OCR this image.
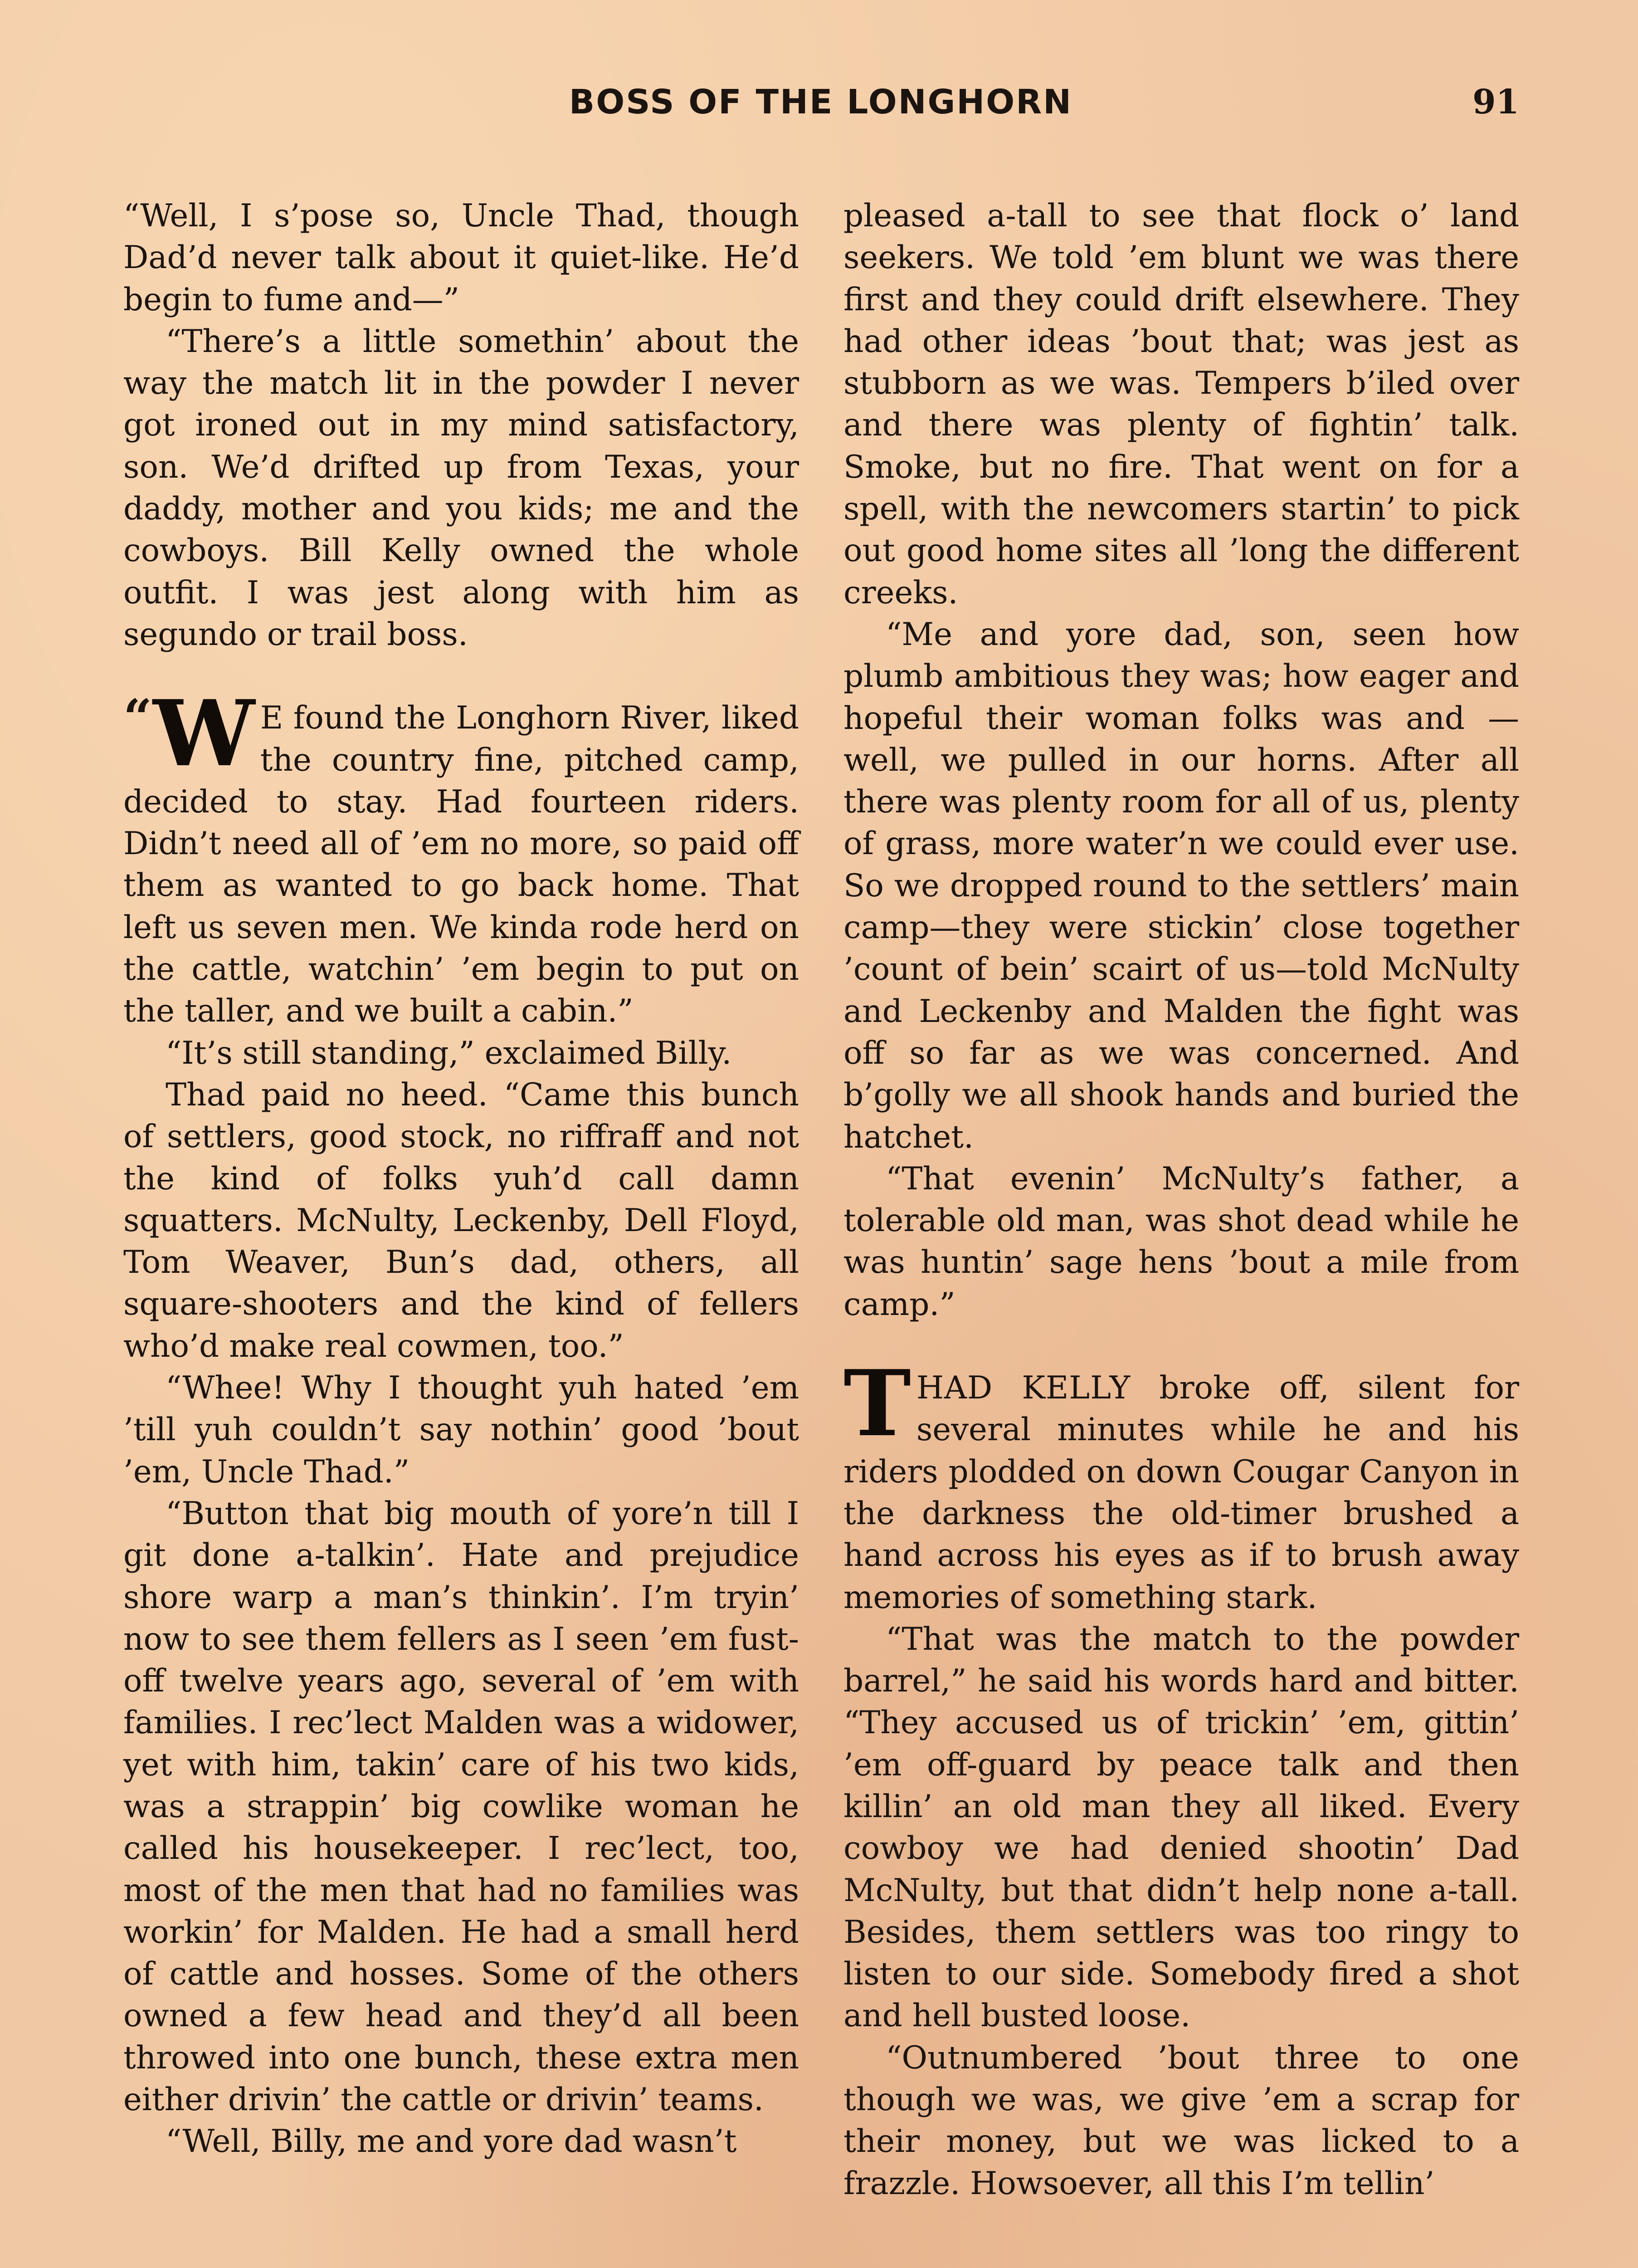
BOSS OF THE LONGHORN	91

“Well, I s’pose so, Uncle Thad, though Dad’d never talk about it quiet-like. He’d begin to fume and—”

“There’s a little somethin’ about the way the match lit in the powder I never got ironed out in my mind satisfactory, son. We’d drifted up from Texas, your daddy, mother and you kids; me and the cowboys. Bill Kelly owned the whole outfit. I was jest along with him as segundo or trail boss.

“ W E found the Longhorn River, liked the country fine, pitched camp, decided to stay. Had fourteen riders. Didn’t need all of ’em no more, so paid off them as wanted to go back home. That left us seven men. We kinda rode herd on the cattle, watchin’ ’em begin to put on the taller, and we built a cabin.”

“It’s still standing,” exclaimed Billy.

Thad paid no heed. “Came this bunch of settlers, good stock, no riffraff and not the kind of folks yuh’d call damn squatters. McNulty, Leckenby, Dell Floyd, Tom Weaver, Bun’s dad, others, all square-shooters and the kind of fellers who’d make real cowmen, too.”

“Whee! Why I thought yuh hated ’em ’till yuh couldn’t say nothin’ good ’bout ’em, Uncle Thad.”

“Button that big mouth of yore’n till I git done a-talkin’. Hate and prejudice shore warp a man’s thinkin’. I’m tryin’ now to see them fellers as I seen ’em fust-off twelve years ago, several of ’em with families. I rec’lect Malden was a widower, yet with him, takin’ care of his two kids, was a strappin’ big cowlike woman he called his housekeeper. I rec’lect, too, most of the men that had no families was workin’ for Malden. He had a small herd of cattle and hosses. Some of the others owned a few head and they’d all been throwed into one bunch, these extra men either drivin’ the cattle or drivin’ teams.

“Well, Billy, me and yore dad wasn’t

pleased a-tall to see that flock o’ land seekers. We told ’em blunt we was there first and they could drift elsewhere. They had other ideas ’bout that; was jest as stubborn as we was. Tempers b’iled over and there was plenty of fightin’ talk. Smoke, but no fire. That went on for a spell, with the newcomers startin’ to pick out good home sites all ’long the different creeks.

“Me and yore dad, son, seen how plumb ambitious they was; how eager and hopeful their woman folks was and — well, we pulled in our horns. After all there was plenty room for all of us, plenty of grass, more water’n we could ever use. So we dropped round to the settlers’ main camp—they were stickin’ close together ’count of bein’ scairt of us—told McNulty and Leckenby and Malden the fight was off so far as we was concerned. And b’golly we all shook hands and buried the hatchet.

“That evenin’ McNulty’s father, a tolerable old man, was shot dead while he was huntin’ sage hens ’bout a mile from camp.”

THAD KELLY broke off, silent for several minutes while he and his riders plodded on down Cougar Canyon in the darkness the old-timer brushed a hand across his eyes as if to brush away memories of something stark.

“That was the match to the powder barrel,” he said his words hard and bitter. “They accused us of trickin’ ’em, gittin’ ’em off-guard by peace talk and then killin’ an old man they all liked. Every cowboy we had denied shootin’ Dad McNulty, but that didn’t help none a-tall. Besides, them settlers was too ringy to listen to our side. Somebody fired a shot and hell busted loose.

“Outnumbered ’bout three to one though we was, we give ’em a scrap for their money, but we was licked to a frazzle. Howsoever, all this I’m tellin’
